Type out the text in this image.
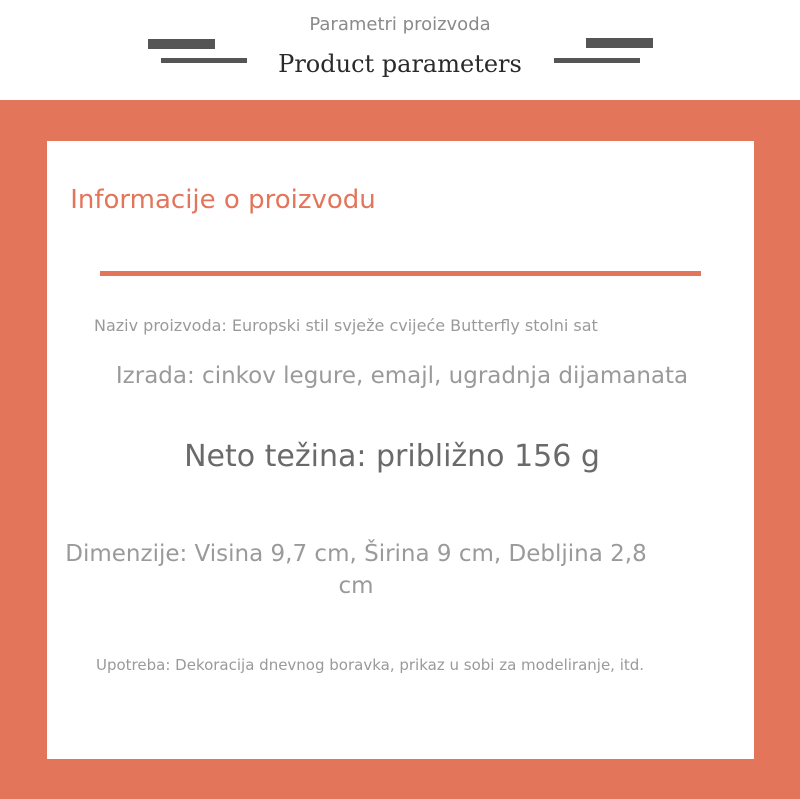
Parametri proizvoda
Product parameters
Informacije o proizvodu
Naziv proizvoda: Europski stil svježe cvijeće Butterfly stolni sat
Izrada: cinkov legure, emajl, ugradnja dijamanata
Neto težina: približno 156 g
Dimenzije: Visina 9,7 cm, Širina 9 cm, Debljina 2,8 cm
Upotreba: Dekoracija dnevnog boravka, prikaz u sobi za modeliranje, itd.
